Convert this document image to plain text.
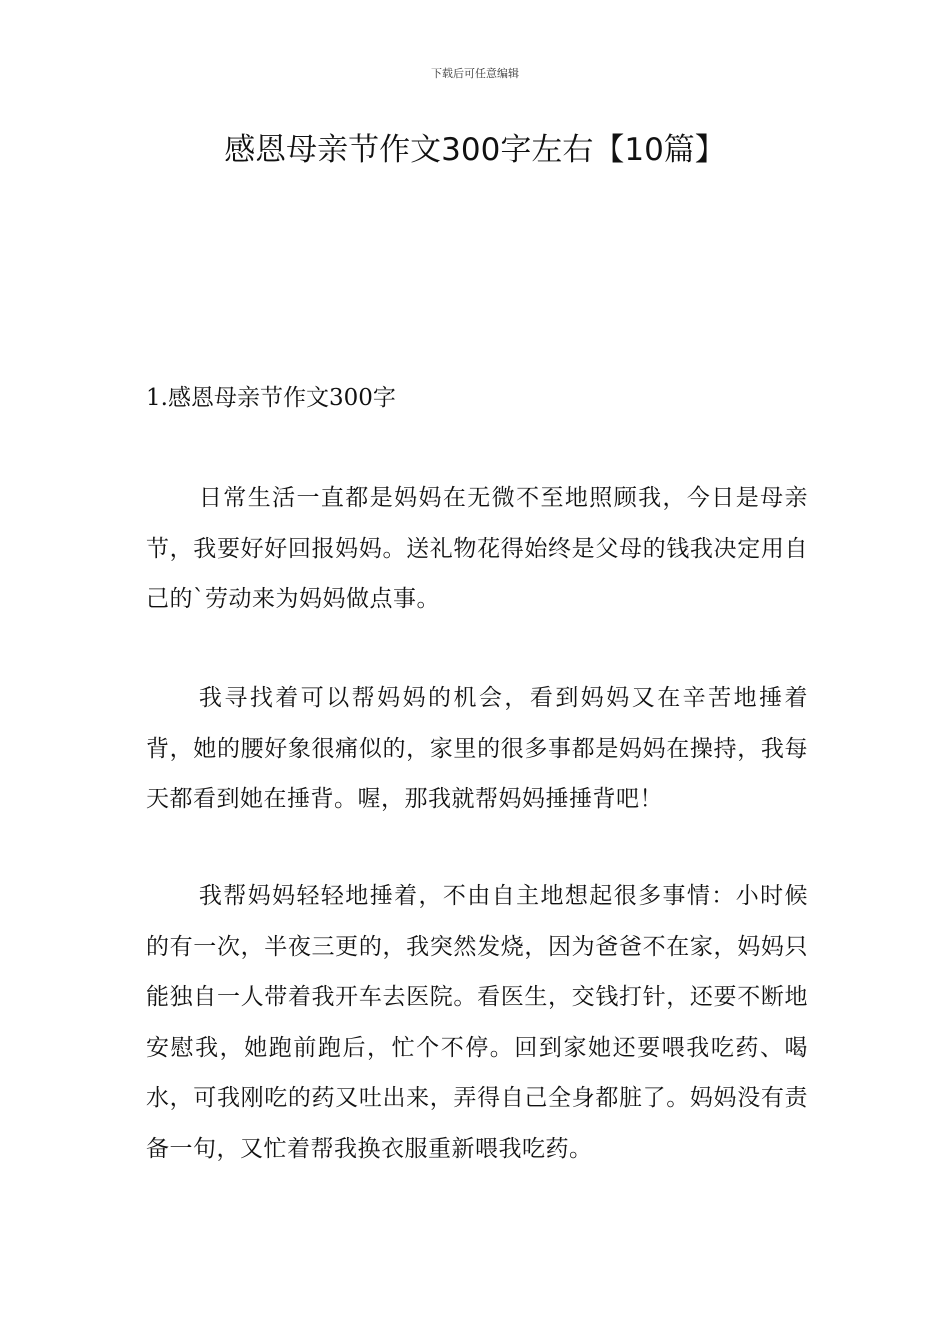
下载后可任意编辑
感恩母亲节作文300字左右【10篇】
1.感恩母亲节作文300字

日常生活一直都是妈妈在无微不至地照顾我，今日是母亲节，我要好好回报妈妈。送礼物花得始终是父母的钱我决定用自己的`劳动来为妈妈做点事。

我寻找着可以帮妈妈的机会，看到妈妈又在辛苦地捶着背，她的腰好象很痛似的，家里的很多事都是妈妈在操持，我每天都看到她在捶背。喔，那我就帮妈妈捶捶背吧！

我帮妈妈轻轻地捶着，不由自主地想起很多事情：小时候的有一次，半夜三更的，我突然发烧，因为爸爸不在家，妈妈只能独自一人带着我开车去医院。看医生，交钱打针，还要不断地安慰我，她跑前跑后，忙个不停。回到家她还要喂我吃药、喝水，可我刚吃的药又吐出来，弄得自己全身都脏了。妈妈没有责备一句，又忙着帮我换衣服重新喂我吃药。
